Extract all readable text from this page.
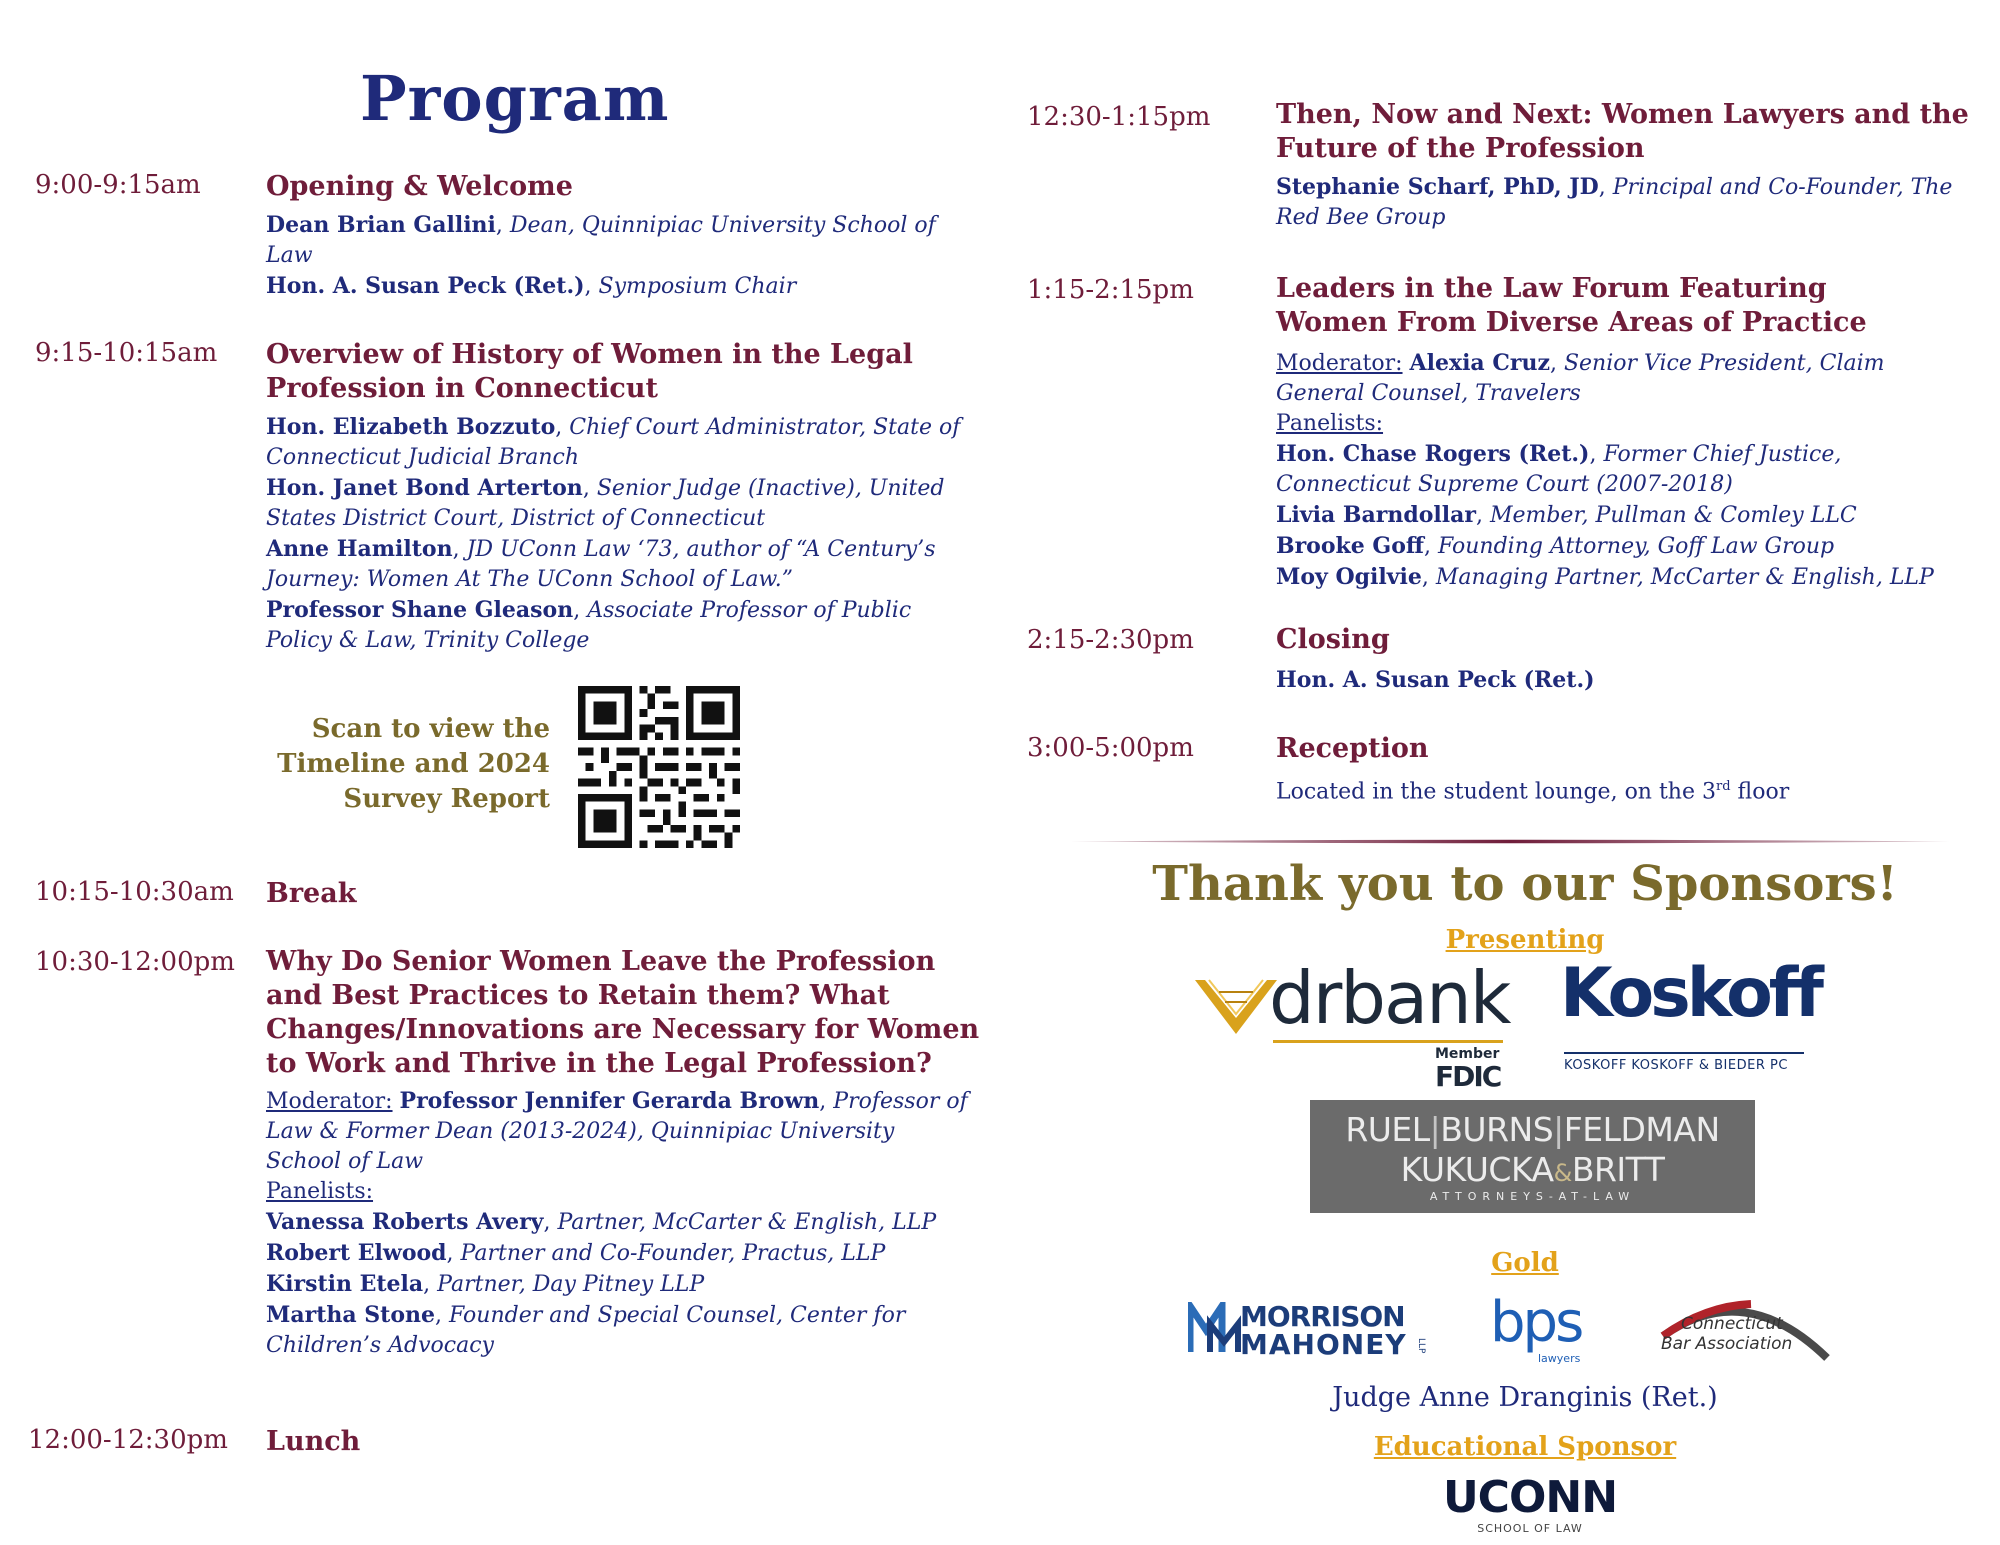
Program
9:00-9:15am Opening & Welcome
Dean Brian Gallini, Dean, Quinnipiac University School of Law
Hon. A. Susan Peck (Ret.), Symposium Chair
9:15-10:15am Overview of History of Women in the Legal Profession in Connecticut
Hon. Elizabeth Bozzuto, Chief Court Administrator, State of Connecticut Judicial Branch
Hon. Janet Bond Arterton, Senior Judge (Inactive), United States District Court, District of Connecticut
Anne Hamilton, JD UConn Law ‘73, author of “A Century’s Journey: Women At The UConn School of Law.”
Professor Shane Gleason, Associate Professor of Public Policy & Law, Trinity College
Scan to view the Timeline and 2024 Survey Report
10:15-10:30am Break
10:30-12:00pm Why Do Senior Women Leave the Profession and Best Practices to Retain them? What Changes/Innovations are Necessary for Women to Work and Thrive in the Legal Profession?
Moderator: Professor Jennifer Gerarda Brown, Professor of Law & Former Dean (2013-2024), Quinnipiac University School of Law
Panelists:
Vanessa Roberts Avery, Partner, McCarter & English, LLP
Robert Elwood, Partner and Co-Founder, Practus, LLP
Kirstin Etela, Partner, Day Pitney LLP
Martha Stone, Founder and Special Counsel, Center for Children’s Advocacy
12:00-12:30pm Lunch
12:30-1:15pm Then, Now and Next: Women Lawyers and the Future of the Profession
Stephanie Scharf, PhD, JD, Principal and Co-Founder, The Red Bee Group
1:15-2:15pm	Leaders in the Law Forum Featuring Women From Diverse Areas of Practice
Moderator: Alexia Cruz, Senior Vice President, Claim General Counsel, Travelers
Panelists:
Hon. Chase Rogers (Ret.), Former Chief Justice, Connecticut Supreme Court (2007-2018)
Livia Barndollar, Member, Pullman & Comley LLC
Brooke Goff, Founding Attorney, Goff Law Group
Moy Ogilvie, Managing Partner, McCarter & English, LLP
2:15-2:30pm	Closing
Hon. A. Susan Peck (Ret.)
3:00-5:00pm	Reception
Located in the student lounge, on the 3rd floor
Thank you to our Sponsors!
Presenting
drbank
Member
FDIC
Koskoff
KOSKOFF KOSKOFF & BIEDER PC
RUEL|BURNS|FELDMAN
KUKUCKA&BRITT
ATTORNEYS-AT-LAW
Gold
MORRISON
MAHONEY LLP bps
lawyers
Connecticut
Bar Association
Judge Anne Dranginis (Ret.)
Educational Sponsor
UCONN
SCHOOL OF LAW
